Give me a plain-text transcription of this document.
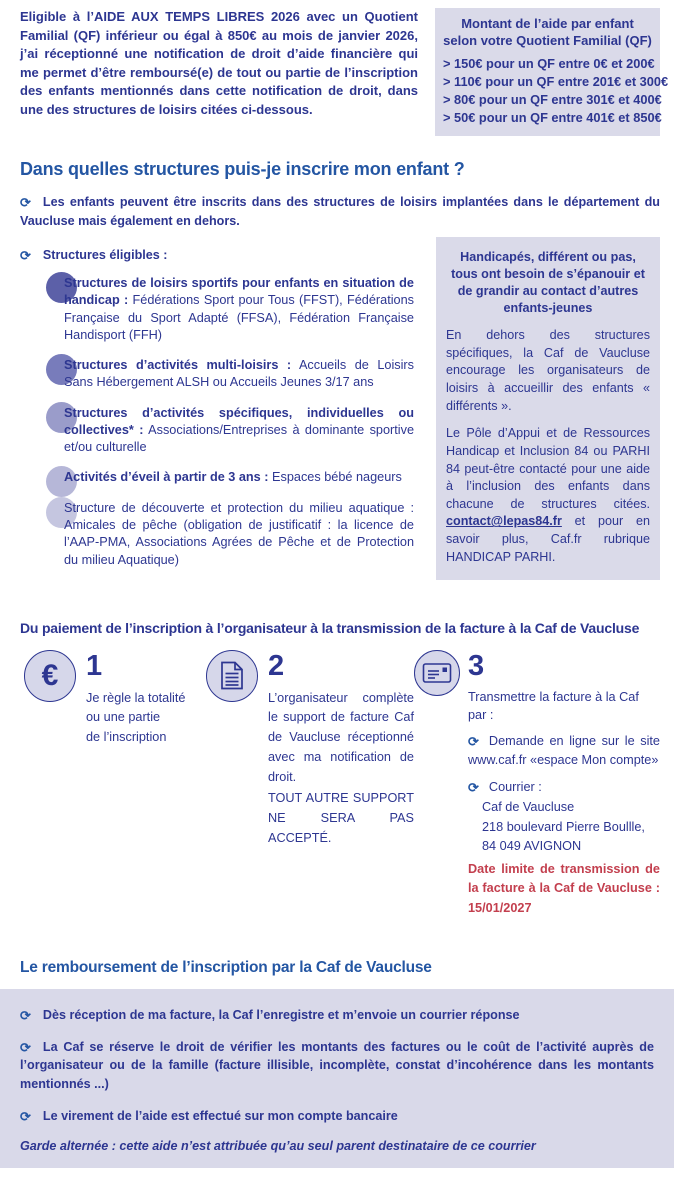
Eligible à l’AIDE AUX TEMPS LIBRES 2026 avec un Quotient Familial (QF) inférieur ou égal à 850€ au mois de janvier 2026, j’ai réceptionné une notification de droit d’aide financière qui me permet d’être remboursé(e) de tout ou partie de l’inscription des enfants mentionnés dans cette notification de droit, dans une des structures de loisirs citées ci-dessous.

Montant de l’aide par enfant
selon votre Quotient Familial (QF)
> 150€ pour un QF entre 0€ et 200€
> 110€ pour un QF entre 201€ et 300€
> 80€ pour un QF entre 301€ et 400€
> 50€ pour un QF entre 401€ et 850€
Dans quelles structures puis-je inscrire mon enfant ?

⟳ Les enfants peuvent être inscrits dans des structures de loisirs implantées dans le département du Vaucluse mais également en dehors.

⟳ Structures éligibles :

Structures de loisirs sportifs pour enfants en situation de handicap : Fédérations Sport pour Tous (FFST), Fédérations Française du Sport Adapté (FFSA), Fédération Française Handisport (FFH)
Structures d’activités multi-loisirs : Accueils de Loisirs Sans Hébergement ALSH ou Accueils Jeunes 3/17 ans
Structures d’activités spécifiques, individuelles ou collectives* : Associations/Entreprises à dominante sportive et/ou culturelle
Activités d’éveil à partir de 3 ans : Espaces bébé nageurs
Structure de découverte et protection du milieu aquatique : Amicales de pêche (obligation de justificatif : la licence de l’AAP-PMA, Associations Agrées de Pêche et de Protection du milieu Aquatique)
Handicapés, différent ou pas, tous ont besoin de s’épanouir et de grandir au contact d’autres enfants-jeunes

En dehors des structures spécifiques, la Caf de Vaucluse encourage les organisateurs de loisirs à accueillir des enfants « différents ».

Le Pôle d’Appui et de Ressources Handicap et Inclusion 84 ou PARHI 84 peut-être contacté pour une aide à l’inclusion des enfants dans chacune de structures citées. contact@lepas84.fr et pour en savoir plus, Caf.fr rubrique HANDICAP PARHI.

Du paiement de l’inscription à l’organisateur à la transmission de la facture à la Caf de Vaucluse
€ 1
Je règle la totalité
ou une partie
de l’inscription
2
L’organisateur complète le support de facture Caf de Vaucluse réceptionné avec ma notification de droit.
TOUT AUTRE SUPPORT NE SERA PAS ACCEPTÉ.
3
Transmettre la facture à la Caf par :

⟳ Demande en ligne sur le site www.caf.fr «espace Mon compte»

⟳ Courrier :

Caf de Vaucluse
218 boulevard Pierre Boullle,
84 049 AVIGNON
Date limite de transmission de la facture à la Caf de Vaucluse : 15/01/2027
Le remboursement de l’inscription par la Caf de Vaucluse

⟳ Dès réception de ma facture, la Caf l’enregistre et m’envoie un courrier réponse

⟳ La Caf se réserve le droit de vérifier les montants des factures ou le coût de l’activité auprès de l’organisateur ou de la famille (facture illisible, incomplète, constat d’incohérence dans les montants mentionnés ...)

⟳ Le virement de l’aide est effectué sur mon compte bancaire

Garde alternée : cette aide n’est attribuée qu’au seul parent destinataire de ce courrier
